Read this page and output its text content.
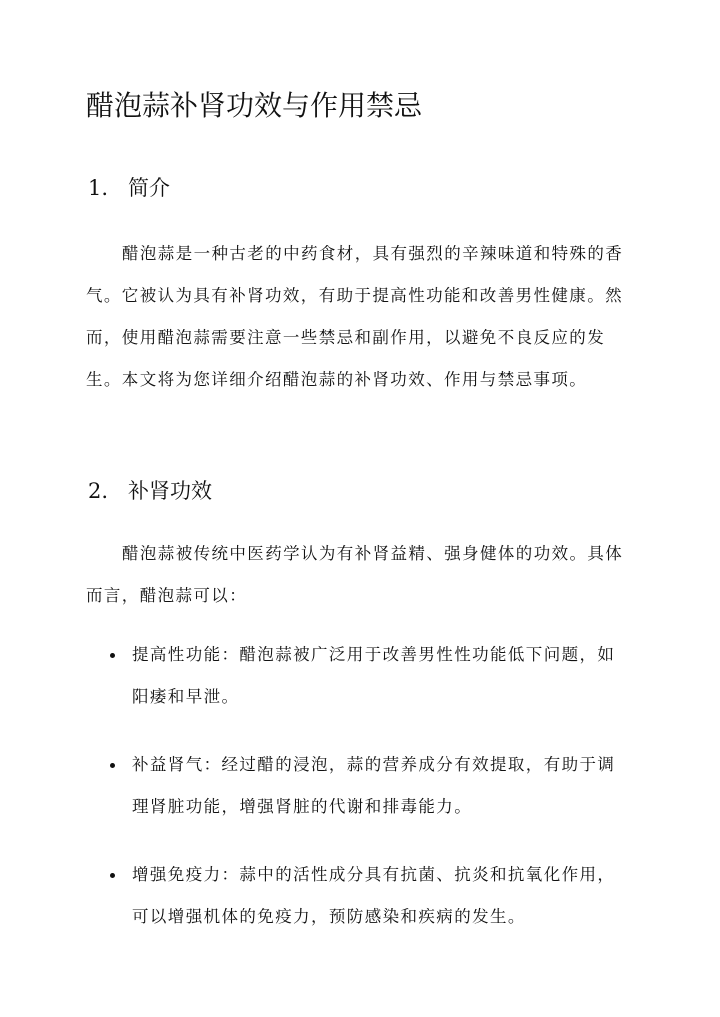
醋泡蒜补肾功效与作用禁忌
1. 简介

醋泡蒜是一种古老的中药食材，具有强烈的辛辣味道和特殊的香气。它被认为具有补肾功效，有助于提高性功能和改善男性健康。然而，使用醋泡蒜需要注意一些禁忌和副作用，以避免不良反应的发生。本文将为您详细介绍醋泡蒜的补肾功效、作用与禁忌事项。

2. 补肾功效

醋泡蒜被传统中医药学认为有补肾益精、强身健体的功效。具体而言，醋泡蒜可以：

提高性功能：醋泡蒜被广泛用于改善男性性功能低下问题，如阳痿和早泄。
补益肾气：经过醋的浸泡，蒜的营养成分有效提取，有助于调理肾脏功能，增强肾脏的代谢和排毒能力。
增强免疫力：蒜中的活性成分具有抗菌、抗炎和抗氧化作用，可以增强机体的免疫力，预防感染和疾病的发生。
